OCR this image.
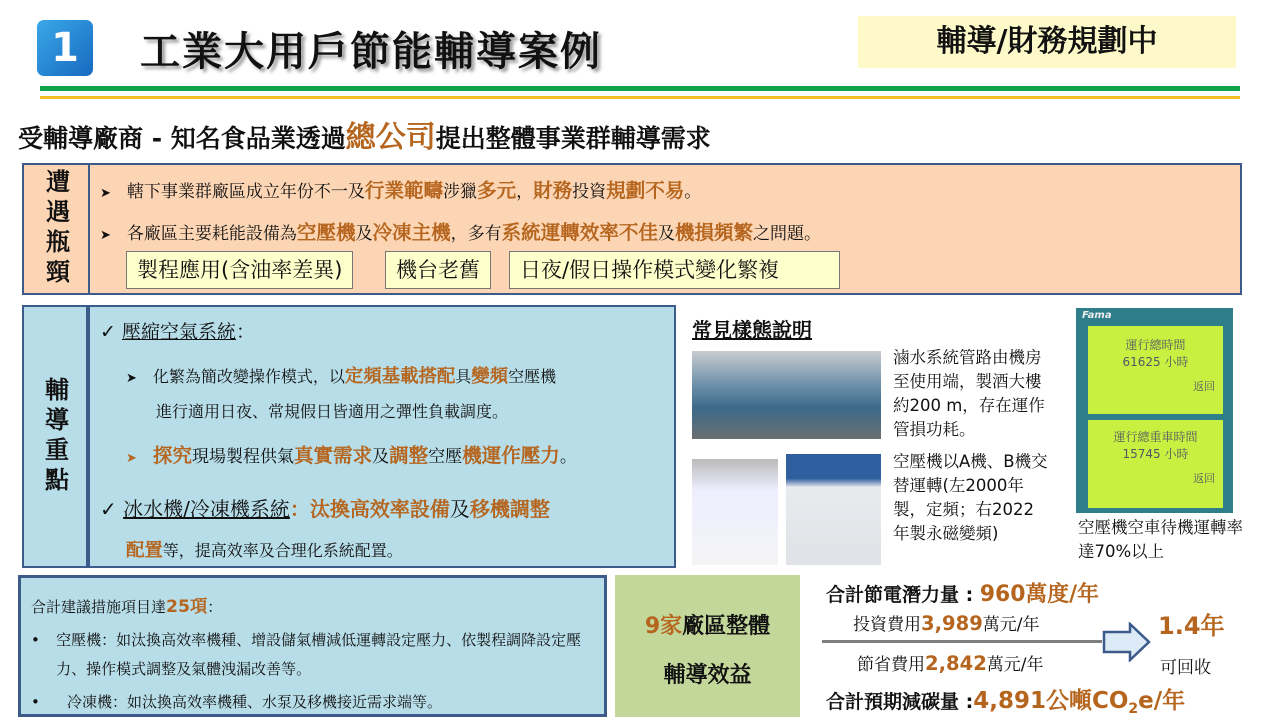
1	工業大用戶節能輔導案例	輔導/財務規劃中
受輔導廠商 - 知名食品業透過總公司提出整體事業群輔導需求
遭遇瓶頸	➤ 轄下事業群廠區成立年份不一及行業範疇涉獵多元，財務投資規劃不易。
➤ 各廠區主要耗能設備為空壓機及冷凍主機，多有系統運轉效率不佳及機損頻繁之問題。
製程應用(含油率差異)	機台老舊	日夜/假日操作模式變化繁複
輔導重點
✓ 壓縮空氣系統：
➤ 化繁為簡改變操作模式，以定頻基載搭配具變頻空壓機
進行適用日夜、常規假日皆適用之彈性負載調度。
➤ 探究現場製程供氣真實需求及調整空壓機運作壓力。
✓ 冰水機/冷凍機系統：汰換高效率設備及移機調整
配置等，提高效率及合理化系統配置。
常見樣態說明
滷水系統管路由機房至使用端，製酒大樓約200 m，存在運作管損功耗。
空壓機以A機、B機交替運轉(左2000年製，定頻；右2022年製永磁變頻)
Fama
運行總時間
61625 小時
返回
運行總重車時間
15745 小時
返回
空壓機空車待機運轉率達70%以上
合計建議措施項目達25項：
•	空壓機：如汰換高效率機種、增設儲氣槽減低運轉設定壓力、依製程調降設定壓力、操作模式調整及氣體洩漏改善等。
•	冷凍機：如汰換高效率機種、水泵及移機接近需求端等。
9家廠區整體
輔導效益
合計節電潛力量 : 960萬度/年
投資費用3,989萬元/年	1.4年
可回收
節省費用2,842萬元/年
合計預期減碳量 :4,891公噸$CO_2e/$年
